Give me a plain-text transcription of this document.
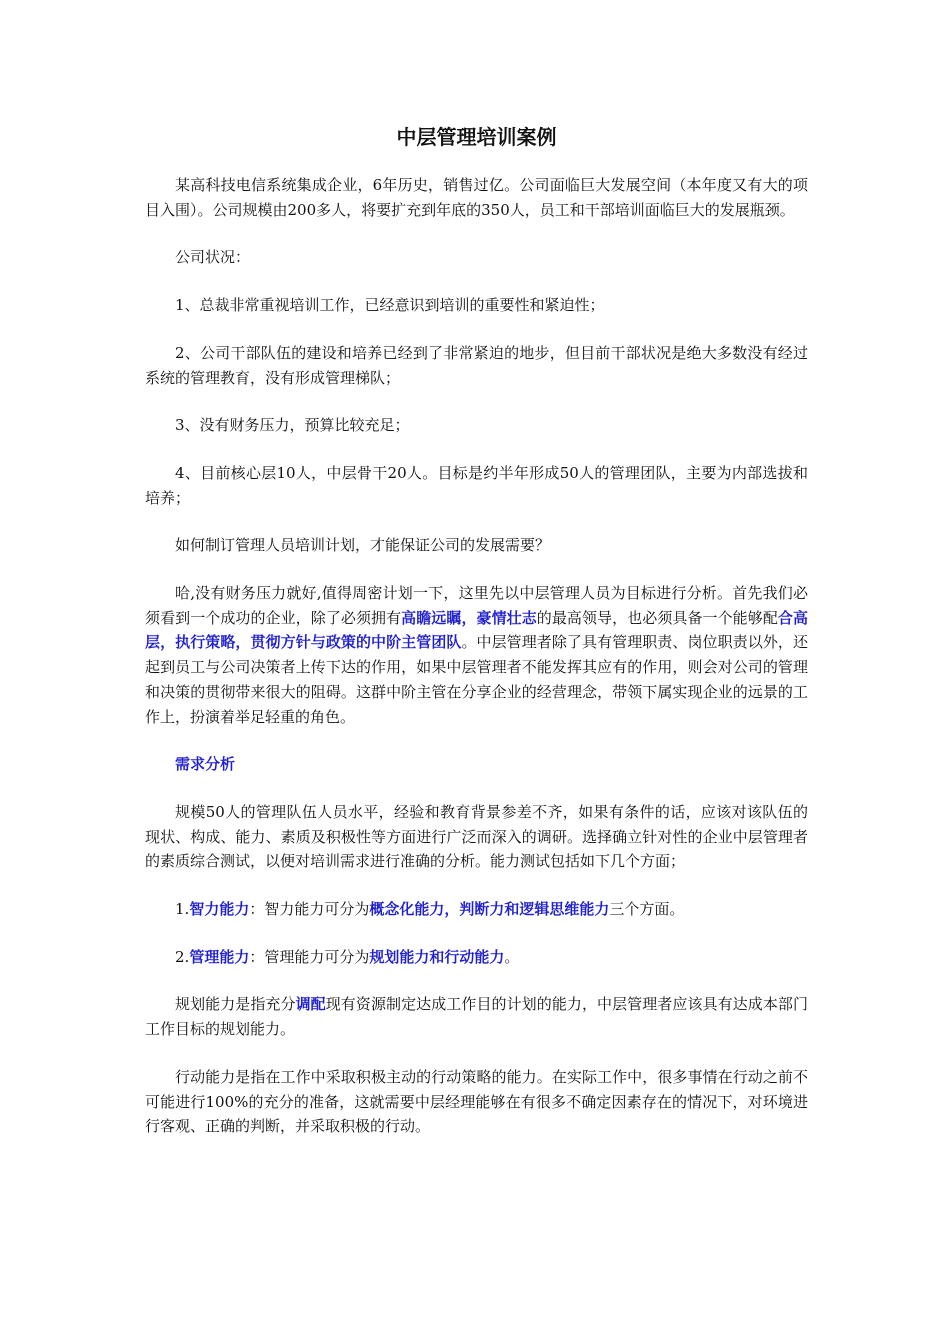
中层管理培训案例

某高科技电信系统集成企业，6年历史，销售过亿。公司面临巨大发展空间（本年度又有大的项目入围）。公司规模由200多人，将要扩充到年底的350人，员工和干部培训面临巨大的发展瓶颈。

公司状况：

1、总裁非常重视培训工作，已经意识到培训的重要性和紧迫性；

2、公司干部队伍的建设和培养已经到了非常紧迫的地步，但目前干部状况是绝大多数没有经过系统的管理教育，没有形成管理梯队；

3、没有财务压力，预算比较充足；

4、目前核心层10人，中层骨干20人。目标是约半年形成50人的管理团队，主要为内部选拔和培养；

如何制订管理人员培训计划，才能保证公司的发展需要？

哈,没有财务压力就好,值得周密计划一下，这里先以中层管理人员为目标进行分析。首先我们必须看到一个成功的企业，除了必须拥有高瞻远瞩，豪情壮志的最高领导，也必须具备一个能够配合高层，执行策略，贯彻方针与政策的中阶主管团队。中层管理者除了具有管理职责、岗位职责以外，还起到员工与公司决策者上传下达的作用，如果中层管理者不能发挥其应有的作用，则会对公司的管理和决策的贯彻带来很大的阻碍。这群中阶主管在分享企业的经营理念，带领下属实现企业的远景的工作上，扮演着举足轻重的角色。

需求分析

规模50人的管理队伍人员水平，经验和教育背景参差不齐，如果有条件的话，应该对该队伍的现状、构成、能力、素质及积极性等方面进行广泛而深入的调研。选择确立针对性的企业中层管理者的素质综合测试，以便对培训需求进行准确的分析。能力测试包括如下几个方面；

1.智力能力：智力能力可分为概念化能力，判断力和逻辑思维能力三个方面。

2.管理能力：管理能力可分为规划能力和行动能力。

规划能力是指充分调配现有资源制定达成工作目的计划的能力，中层管理者应该具有达成本部门工作目标的规划能力。

行动能力是指在工作中采取积极主动的行动策略的能力。在实际工作中，很多事情在行动之前不可能进行100%的充分的准备，这就需要中层经理能够在有很多不确定因素存在的情况下，对环境进行客观、正确的判断，并采取积极的行动。
